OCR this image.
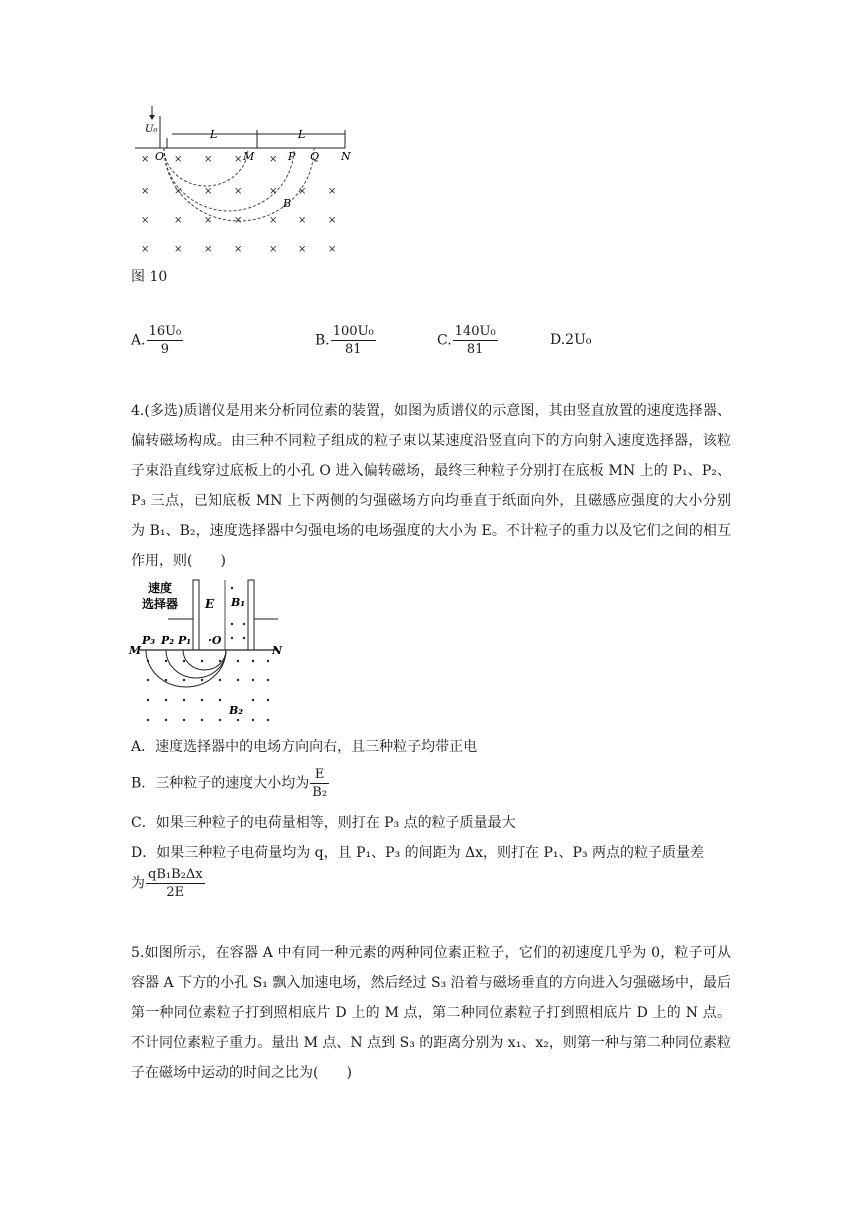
U₀	L	L
O	M	P Q N
B
× × × ×	×
× × × ×	× × ×
× × × ×	× × ×
× × × ×	× × ×
图 10
A. $\frac{\text{16U₀}}{9}$	B. $\frac{\text{100U₀}}{81}$	C. $\frac{\text{140U₀}}{81}$	D.2U₀
4.(多选)质谱仪是用来分析同位素的装置，如图为质谱仪的示意图，其由竖直放置的速度选择器、偏转磁场构成。由三种不同粒子组成的粒子束以某速度沿竖直向下的方向射入速度选择器，该粒子束沿直线穿过底板上的小孔 O 进入偏转磁场，最终三种粒子分别打在底板 MN 上的 P₁、P₂、P₃ 三点，已知底板 MN 上下两侧的匀强磁场方向均垂直于纸面向外，且磁感应强度的大小分别为 B₁、B₂，速度选择器中匀强电场的电场强度的大小为 E。不计粒子的重力以及它们之间的相互作用，则(　　)
速度
选择器 E B₁
·O
P₃ P₂ P₁
M	N
B₂
A．速度选择器中的电场方向向右，且三种粒子均带正电
B．三种粒子的速度大小均为 $\frac{E}{\text{B₂}}$
C．如果三种粒子的电荷量相等，则打在 P₃ 点的粒子质量最大
D．如果三种粒子电荷量均为 q，且 P₁、P₃ 的间距为 Δx，则打在 P₁、P₃ 两点的粒子质量差
为 $\frac{\text{qB₁B₂Δx}}{2E}$
5.如图所示，在容器 A 中有同一种元素的两种同位素正粒子，它们的初速度几乎为 0，粒子可从容器 A 下方的小孔 S₁ 飘入加速电场，然后经过 S₃ 沿着与磁场垂直的方向进入匀强磁场中，最后第一种同位素粒子打到照相底片 D 上的 M 点，第二种同位素粒子打到照相底片 D 上的 N 点。不计同位素粒子重力。量出 M 点、N 点到 S₃ 的距离分别为 x₁、x₂，则第一种与第二种同位素粒子在磁场中运动的时间之比为(　　)
